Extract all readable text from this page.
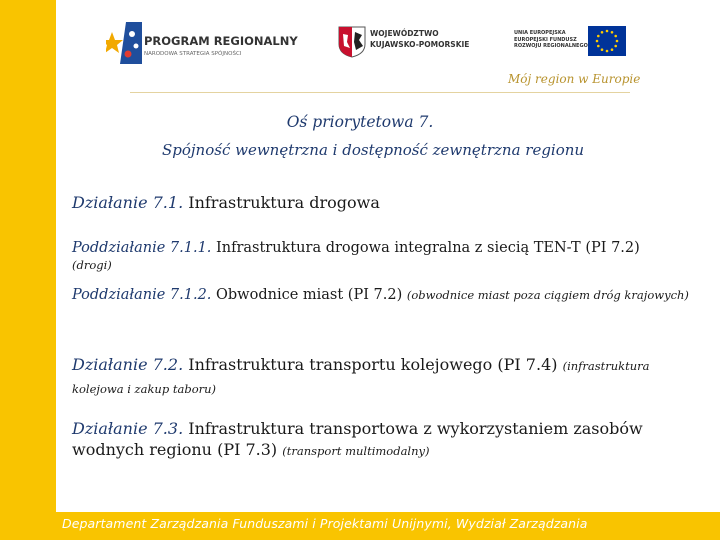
PROGRAM REGIONALNY
NARODOWA STRATEGIA SPÓJNOŚCI
WOJEWÓDZTWO
KUJAWSKO-POMORSKIE
UNIA EUROPEJSKA
EUROPEJSKI FUNDUSZ
ROZWOJU REGIONALNEGO
Mój region w Europie
Oś priorytetowa 7.
Spójność wewnętrzna i dostępność zewnętrzna regionu
Działanie 7.1. Infrastruktura drogowa
Poddziałanie 7.1.1. Infrastruktura drogowa integralna z siecią TEN-T (PI 7.2)
(drogi)
Poddziałanie 7.1.2. Obwodnice miast (PI 7.2) (obwodnice miast poza ciągiem dróg krajowych)
Działanie 7.2. Infrastruktura transportu kolejowego (PI 7.4) (infrastruktura kolejowa i zakup taboru)
Działanie 7.3. Infrastruktura transportowa z wykorzystaniem zasobów wodnych regionu (PI 7.3) (transport multimodalny)
Departament Zarządzania Funduszami i Projektami Unijnymi, Wydział Zarządzania
